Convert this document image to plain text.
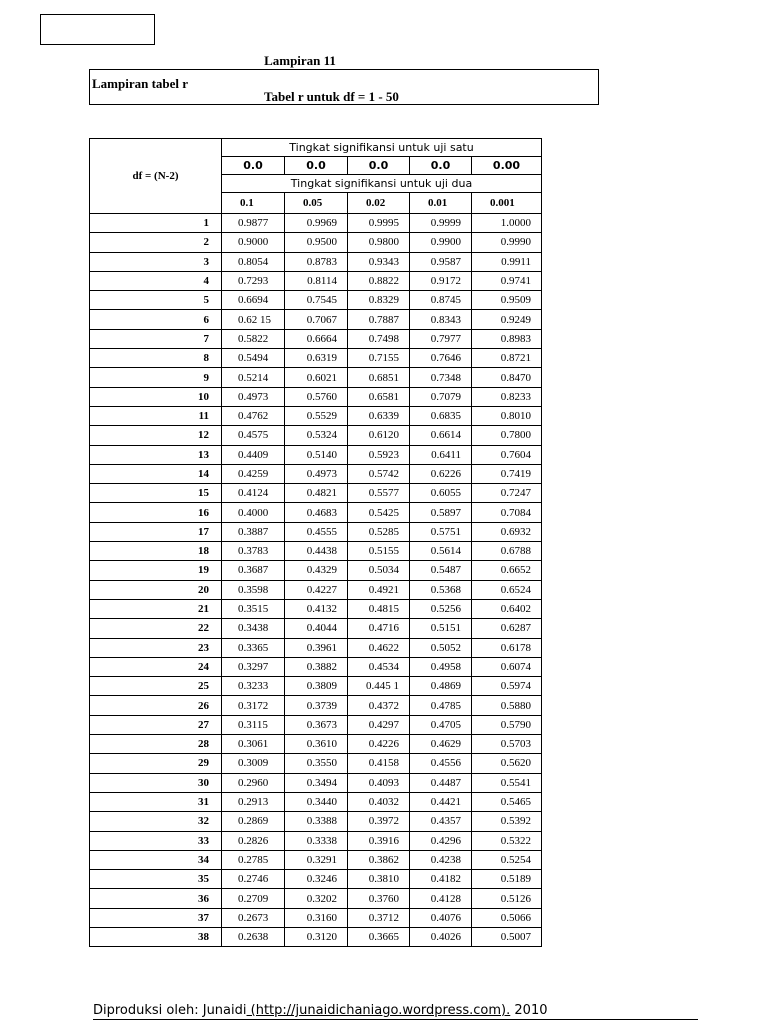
Lampiran 11
Lampiran tabel r
Tabel r untuk df = 1 - 50
df = (N-2)	Tingkat signifikansi untuk uji satu				
	0.0	0.0	0.0	0.0	0.00
	Tingkat signifikansi untuk uji dua				
	0.1	0.05	0.02	0.01	0.001
1	0.9877	0.9969	0.9995	0.9999	1.0000
2	0.9000	0.9500	0.9800	0.9900	0.9990
3	0.8054	0.8783	0.9343	0.9587	0.9911
4	0.7293	0.8114	0.8822	0.9172	0.9741
5	0.6694	0.7545	0.8329	0.8745	0.9509
6	0.62 15	0.7067	0.7887	0.8343	0.9249
7	0.5822	0.6664	0.7498	0.7977	0.8983
8	0.5494	0.6319	0.7155	0.7646	0.8721
9	0.5214	0.6021	0.6851	0.7348	0.8470
10	0.4973	0.5760	0.6581	0.7079	0.8233
11	0.4762	0.5529	0.6339	0.6835	0.8010
12	0.4575	0.5324	0.6120	0.6614	0.7800
13	0.4409	0.5140	0.5923	0.6411	0.7604
14	0.4259	0.4973	0.5742	0.6226	0.7419
15	0.4124	0.4821	0.5577	0.6055	0.7247
16	0.4000	0.4683	0.5425	0.5897	0.7084
17	0.3887	0.4555	0.5285	0.5751	0.6932
18	0.3783	0.4438	0.5155	0.5614	0.6788
19	0.3687	0.4329	0.5034	0.5487	0.6652
20	0.3598	0.4227	0.4921	0.5368	0.6524
21	0.3515	0.4132	0.4815	0.5256	0.6402
22	0.3438	0.4044	0.4716	0.5151	0.6287
23	0.3365	0.3961	0.4622	0.5052	0.6178
24	0.3297	0.3882	0.4534	0.4958	0.6074
25	0.3233	0.3809	0.445 1	0.4869	0.5974
26	0.3172	0.3739	0.4372	0.4785	0.5880
27	0.3115	0.3673	0.4297	0.4705	0.5790
28	0.3061	0.3610	0.4226	0.4629	0.5703
29	0.3009	0.3550	0.4158	0.4556	0.5620
30	0.2960	0.3494	0.4093	0.4487	0.5541
31	0.2913	0.3440	0.4032	0.4421	0.5465
32	0.2869	0.3388	0.3972	0.4357	0.5392
33	0.2826	0.3338	0.3916	0.4296	0.5322
34	0.2785	0.3291	0.3862	0.4238	0.5254
35	0.2746	0.3246	0.3810	0.4182	0.5189
36	0.2709	0.3202	0.3760	0.4128	0.5126
37	0.2673	0.3160	0.3712	0.4076	0.5066
38	0.2638	0.3120	0.3665	0.4026	0.5007
Diproduksi oleh: Junaidi (http://junaidichaniago.wordpress.com). 2010
